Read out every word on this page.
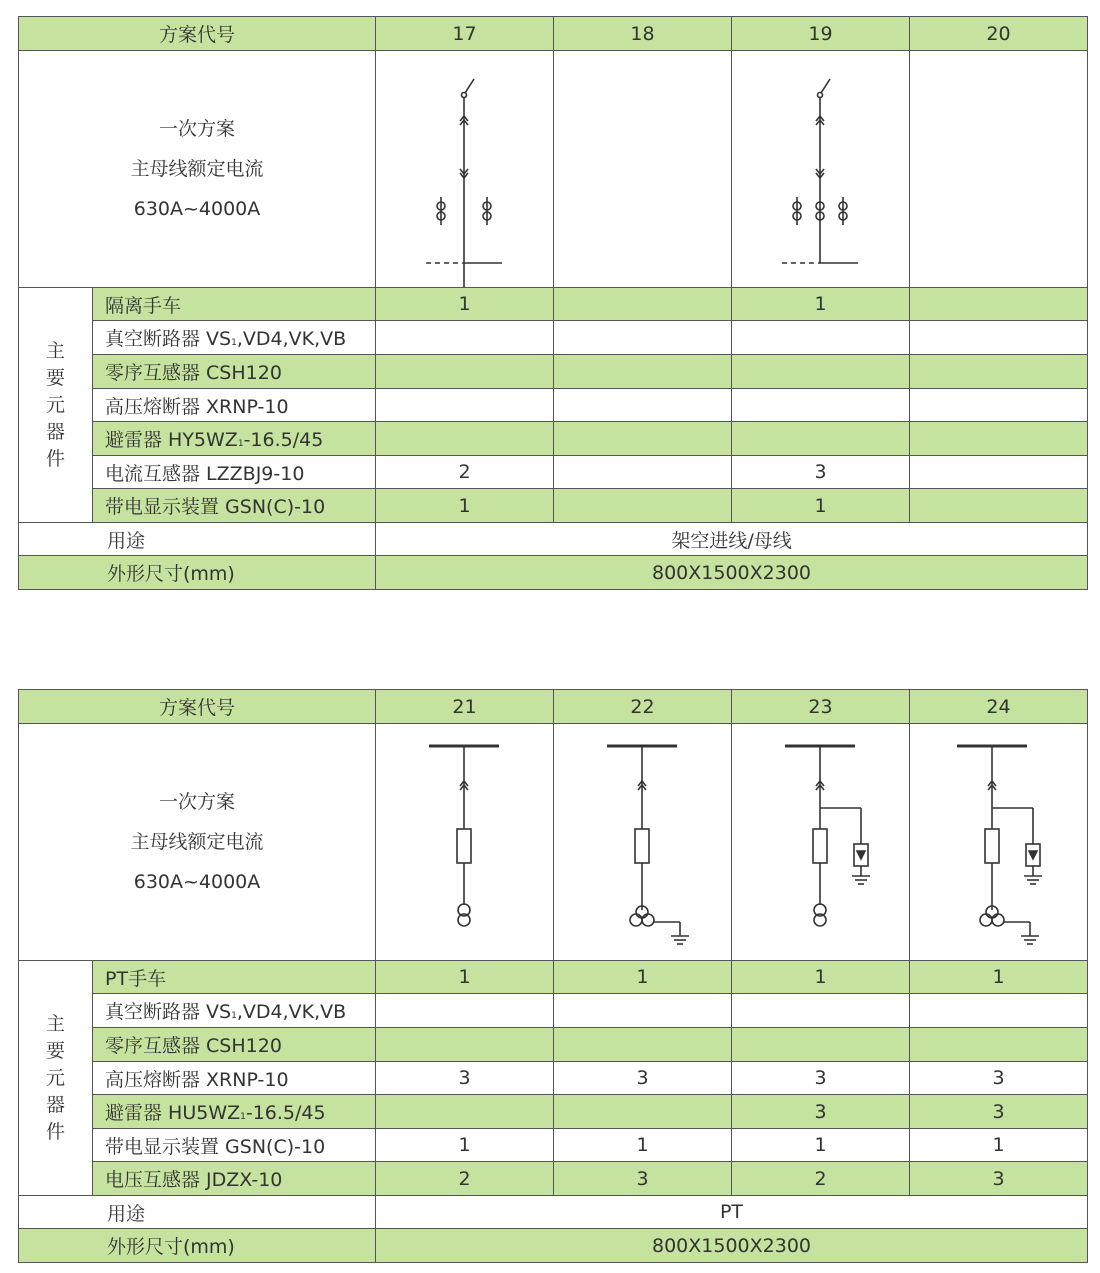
方案代号		17	18	19	20

一次方案
主母线额定电流
630A~4000A

主
要
元
器
件	隔离手车	1		1	
	真空断路器 VS1,VD4,VK,VB				
	零序互感器 CSH120				
	高压熔断器 XRNP-10				
	避雷器 HY5WZ1-16.5/45				
	电流互感器 LZZBJ9-10	2		3	
	带电显示装置 GSN(C)-10	1		1	
用途		架空进线/母线			
外形尺寸(mm)		800X1500X2300			
方案代号		21	22	23	24

一次方案
主母线额定电流
630A~4000A

主
要
元
器
件	PT手车	1	1	1	1
	真空断路器 VS1,VD4,VK,VB				
	零序互感器 CSH120				
	高压熔断器 XRNP-10	3	3	3	3
	避雷器 HU5WZ1-16.5/45			3	3
	带电显示装置 GSN(C)-10	1	1	1	1
	电压互感器 JDZX-10	2	3	2	3
用途		PT			
外形尺寸(mm)		800X1500X2300			
